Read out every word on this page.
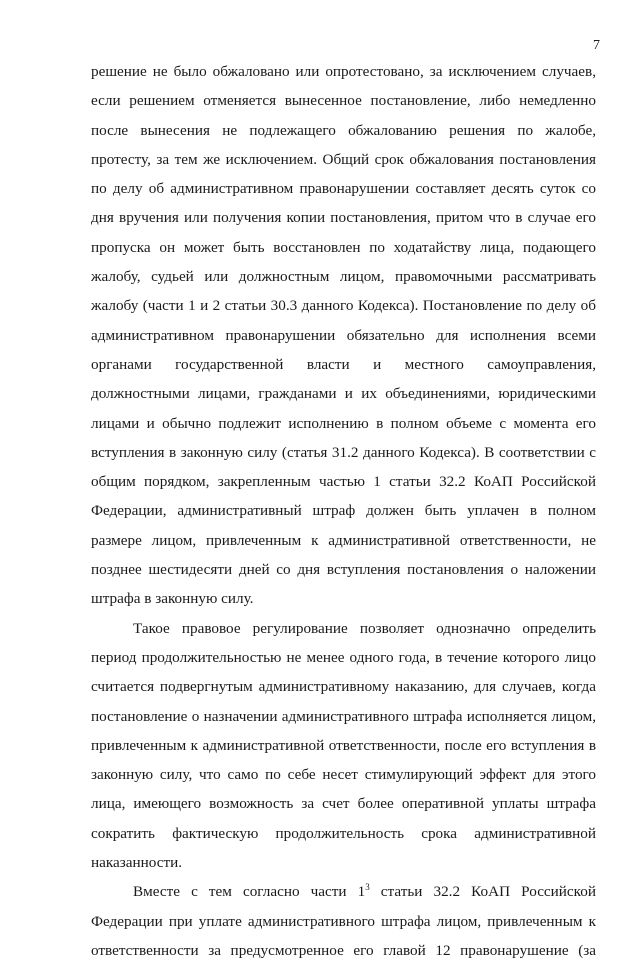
7
решение не было обжаловано или опротестовано, за исключением случаев,
если решением отменяется вынесенное постановление, либо немедленно
после вынесения не подлежащего обжалованию решения по жалобе,
протесту, за тем же исключением. Общий срок обжалования постановления
по делу об административном правонарушении составляет десять суток со
дня вручения или получения копии постановления, притом что в случае его
пропуска он может быть восстановлен по ходатайству лица, подающего
жалобу, судьей или должностным лицом, правомочными рассматривать
жалобу (части 1 и 2 статьи 30.3 данного Кодекса). Постановление по делу об
административном правонарушении обязательно для исполнения всеми
органами государственной власти и местного самоуправления,
должностными лицами, гражданами и их объединениями, юридическими
лицами и обычно подлежит исполнению в полном объеме с момента его
вступления в законную силу (статья 31.2 данного Кодекса). В соответствии с
общим порядком, закрепленным частью 1 статьи 32.2 КоАП Российской
Федерации, административный штраф должен быть уплачен в полном
размере лицом, привлеченным к административной ответственности, не
позднее шестидесяти дней со дня вступления постановления о наложении
штрафа в законную силу.
Такое правовое регулирование позволяет однозначно определить
период продолжительностью не менее одного года, в течение которого лицо
считается подвергнутым административному наказанию, для случаев, когда
постановление о назначении административного штрафа исполняется лицом,
привлеченным к административной ответственности, после его вступления в
законную силу, что само по себе несет стимулирующий эффект для этого
лица, имеющего возможность за счет более оперативной уплаты штрафа
сократить фактическую продолжительность срока административной
наказанности.
Вместе с тем согласно части $1^3$ статьи 32.2 КоАП Российской
Федерации при уплате административного штрафа лицом, привлеченным к
ответственности за предусмотренное его главой 12 правонарушение (за
